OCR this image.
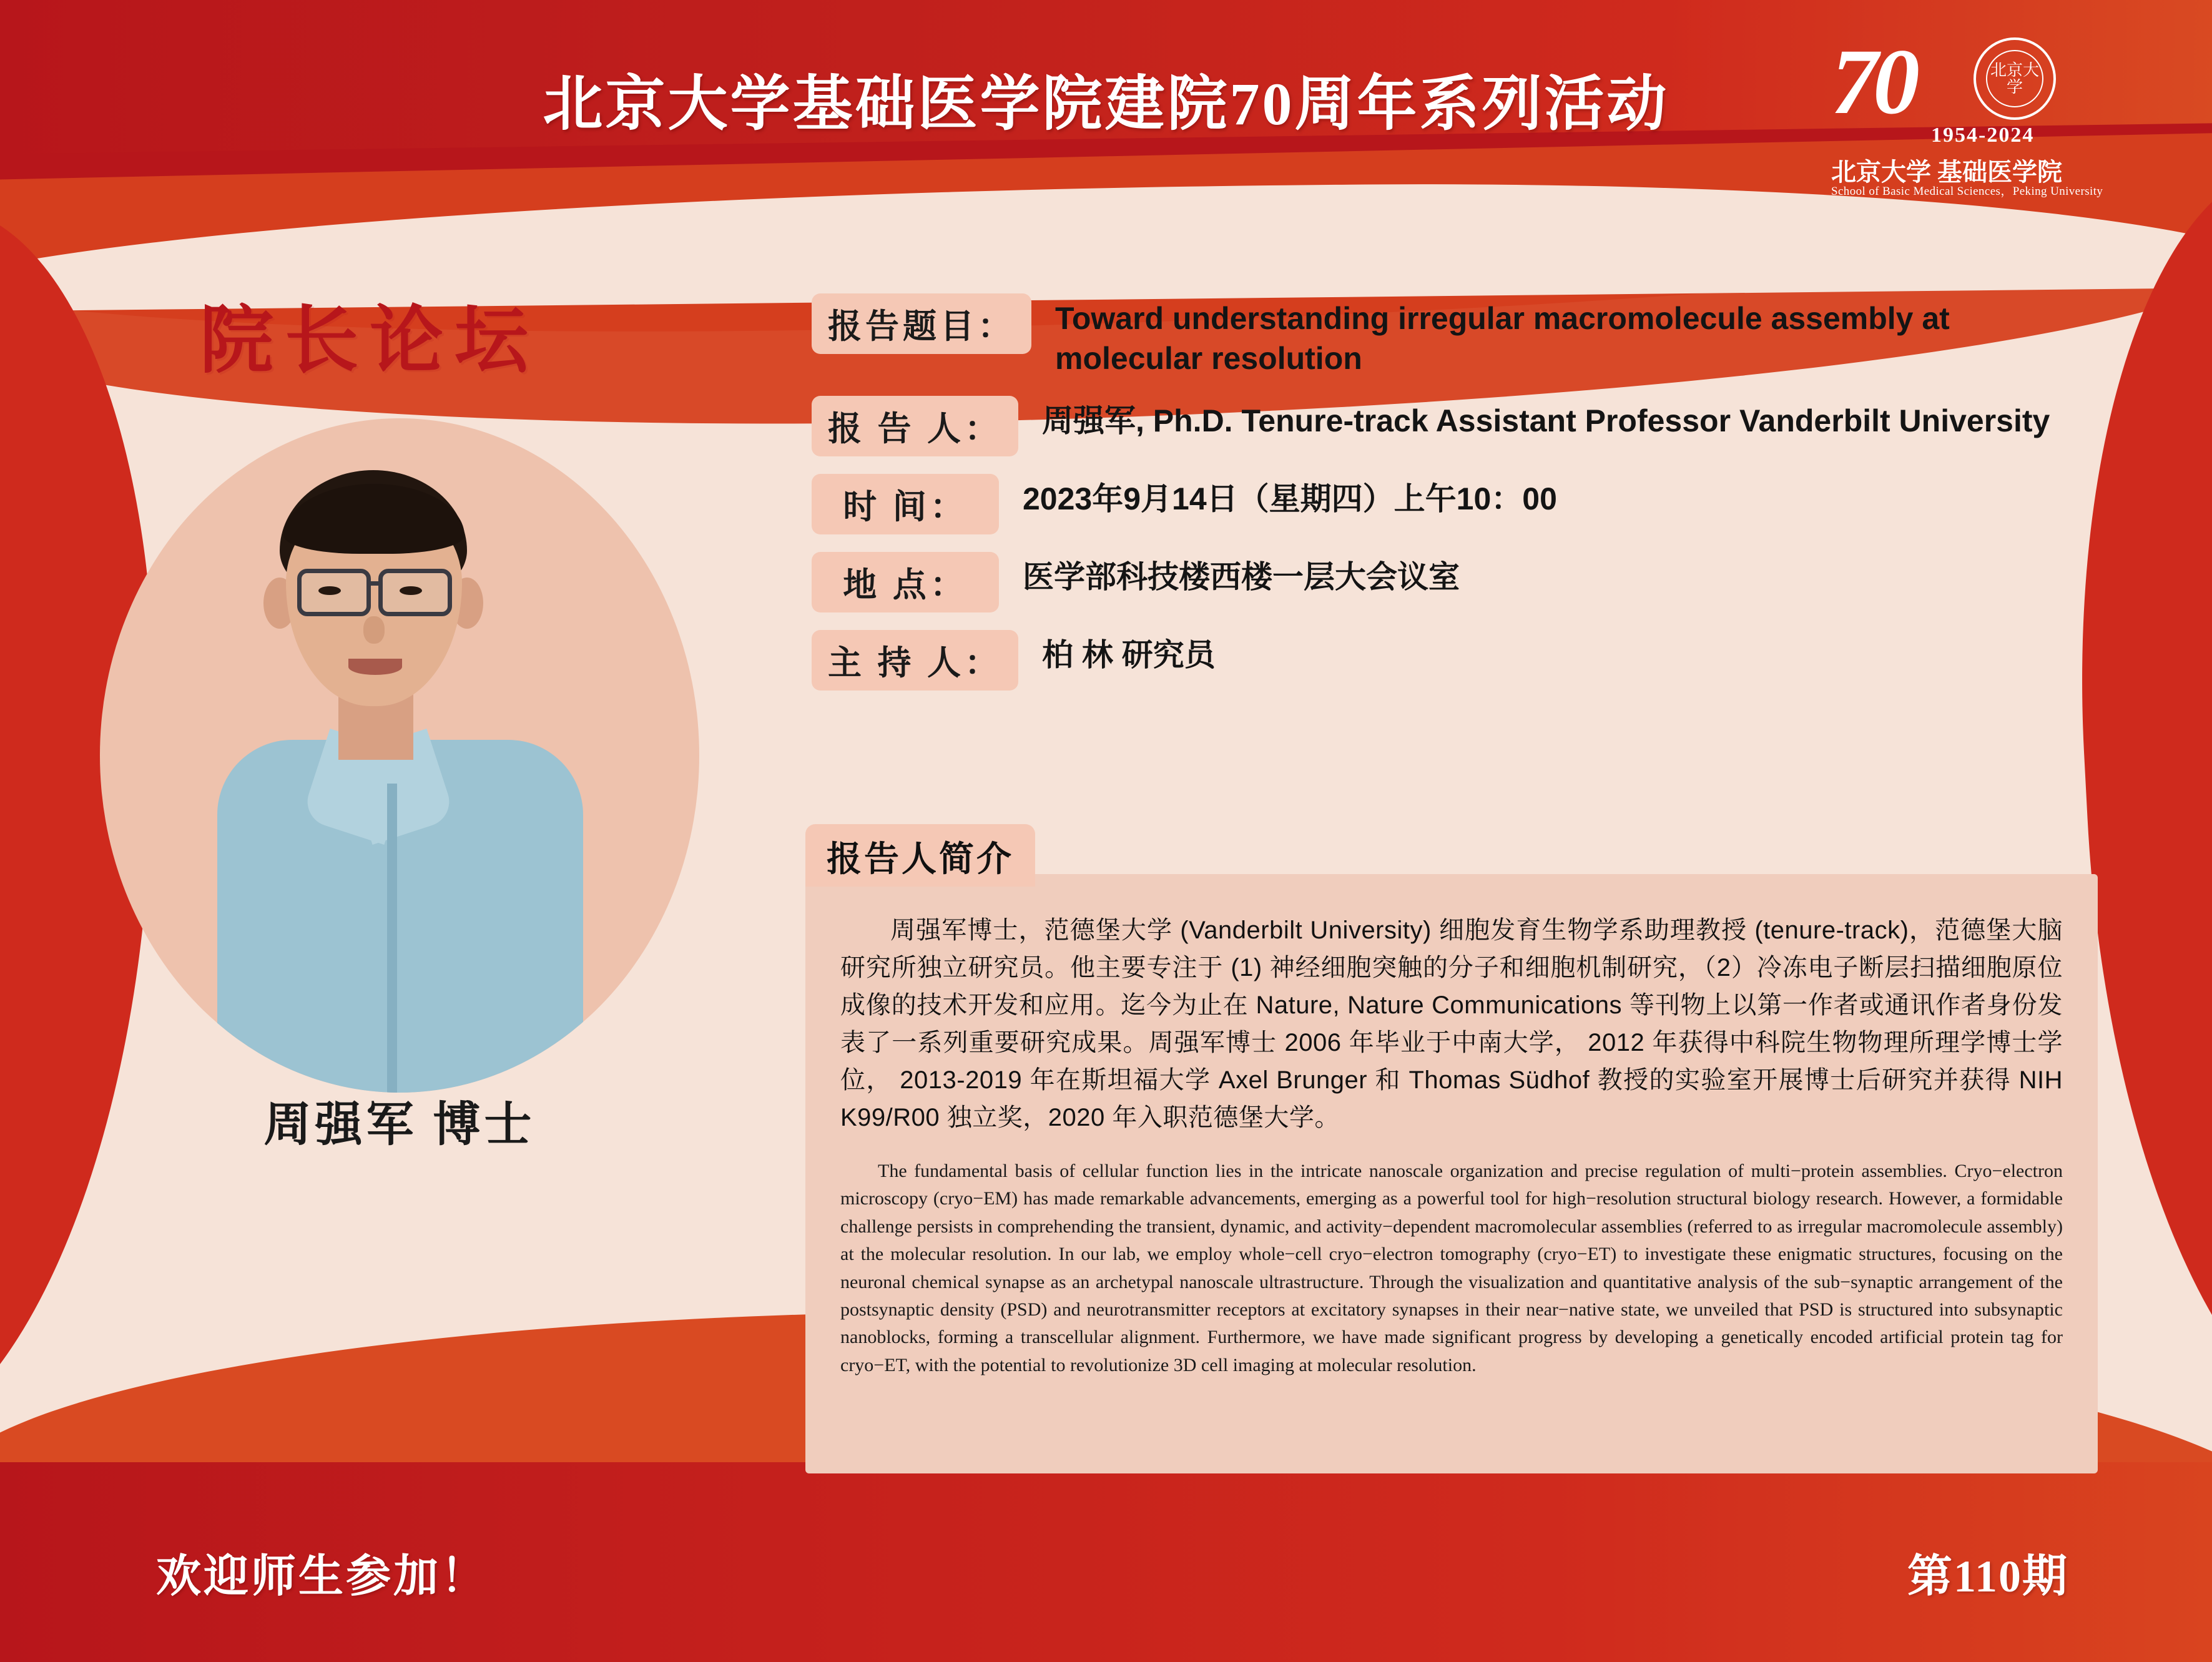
北京大学基础医学院建院70周年系列活动	70	北京大学
1954-2024
北京大学 基础医学院
School of Basic Medical Sciences，Peking University
院长论坛
周强军 博士
报告题目：	Toward understanding irregular macromolecule assembly at molecular resolution
报 告 人：	周强军, Ph.D. Tenure-track Assistant Professor Vanderbilt University
时 间：	2023年9月14日（星期四）上午10：00
地 点：	医学部科技楼西楼一层大会议室
主 持 人：	柏 林 研究员
报告人简介
周强军博士，范德堡大学 (Vanderbilt University) 细胞发育生物学系助理教授 (tenure-track)，范德堡大脑研究所独立研究员。他主要专注于 (1) 神经细胞突触的分子和细胞机制研究，（2）冷冻电子断层扫描细胞原位成像的技术开发和应用。迄今为止在 Nature, Nature Communications 等刊物上以第一作者或通讯作者身份发表了一系列重要研究成果。周强军博士 2006 年毕业于中南大学， 2012 年获得中科院生物物理所理学博士学位， 2013-2019 年在斯坦福大学 Axel Brunger 和 Thomas Südhof 教授的实验室开展博士后研究并获得 NIH K99/R00 独立奖，2020 年入职范德堡大学。
The fundamental basis of cellular function lies in the intricate nanoscale organization and precise regulation of multi−protein assemblies. Cryo−electron microscopy (cryo−EM) has made remarkable advancements, emerging as a powerful tool for high−resolution structural biology research. However, a formidable challenge persists in comprehending the transient, dynamic, and activity−dependent macromolecular assemblies (referred to as irregular macromolecule assembly) at the molecular resolution. In our lab, we employ whole−cell cryo−electron tomography (cryo−ET) to investigate these enigmatic structures, focusing on the neuronal chemical synapse as an archetypal nanoscale ultrastructure. Through the visualization and quantitative analysis of the sub−synaptic arrangement of the postsynaptic density (PSD) and neurotransmitter receptors at excitatory synapses in their near−native state, we unveiled that PSD is structured into subsynaptic nanoblocks, forming a transcellular alignment. Furthermore, we have made significant progress by developing a genetically encoded artificial protein tag for cryo−ET, with the potential to revolutionize 3D cell imaging at molecular resolution.
欢迎师生参加！	第110期
